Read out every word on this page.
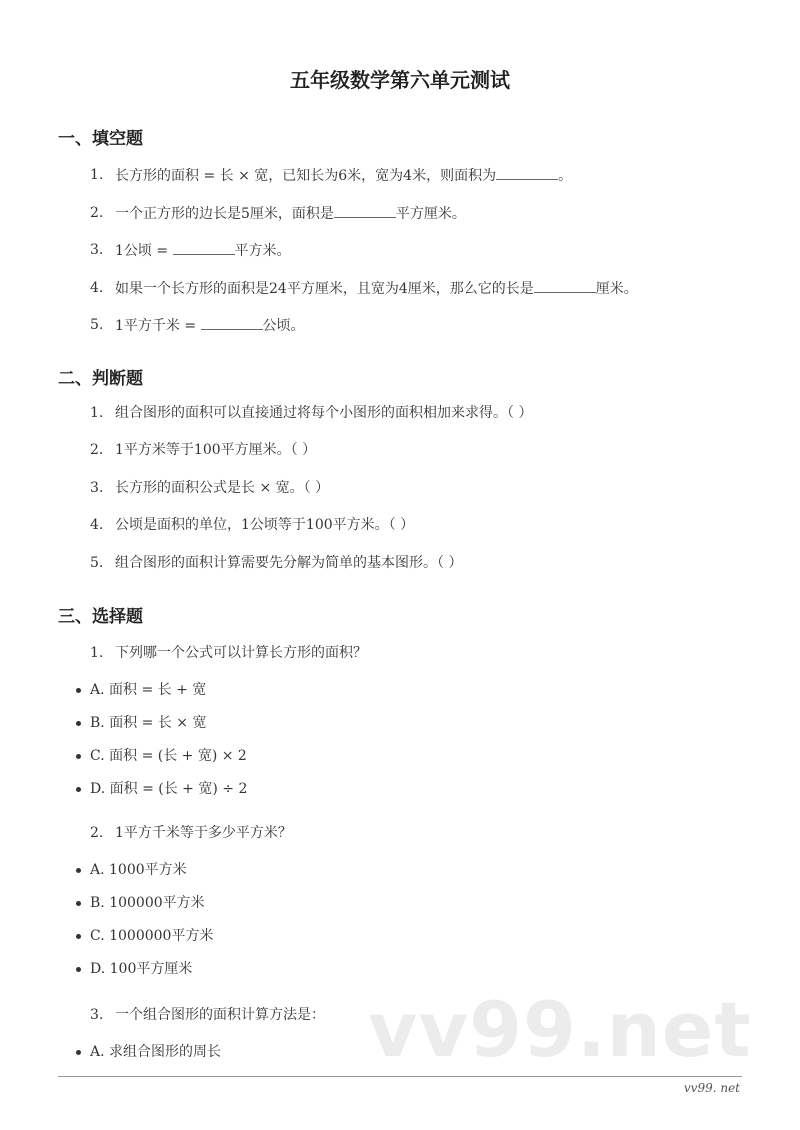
五年级数学第六单元测试
一、填空题
1. 长方形的面积 = 长 × 宽，已知长为6米，宽为4米，则面积为	。
2. 一个正方形的边长是5厘米，面积是	平方厘米。
3. 1公顷 =	平方米。
4. 如果一个长方形的面积是24平方厘米，且宽为4厘米，那么它的长是	厘米。
5. 1平方千米 =	公顷。
二、判断题
1. 组合图形的面积可以直接通过将每个小图形的面积相加来求得。（ ）
2. 1平方米等于100平方厘米。（ ）
3. 长方形的面积公式是长 × 宽。（ ）
4. 公顷是面积的单位，1公顷等于100平方米。（ ）
5. 组合图形的面积计算需要先分解为简单的基本图形。（ ）
三、选择题
1. 下列哪一个公式可以计算长方形的面积？
A. 面积 = 长 + 宽
B. 面积 = 长 × 宽
C. 面积 = (长 + 宽) × 2
D. 面积 = (长 + 宽) ÷ 2
2. 1平方千米等于多少平方米？
A. 1000平方米
B. 100000平方米
C. 1000000平方米
D. 100平方厘米
3. 一个组合图形的面积计算方法是：
A. 求组合图形的周长 vv99.net
vv99. net
